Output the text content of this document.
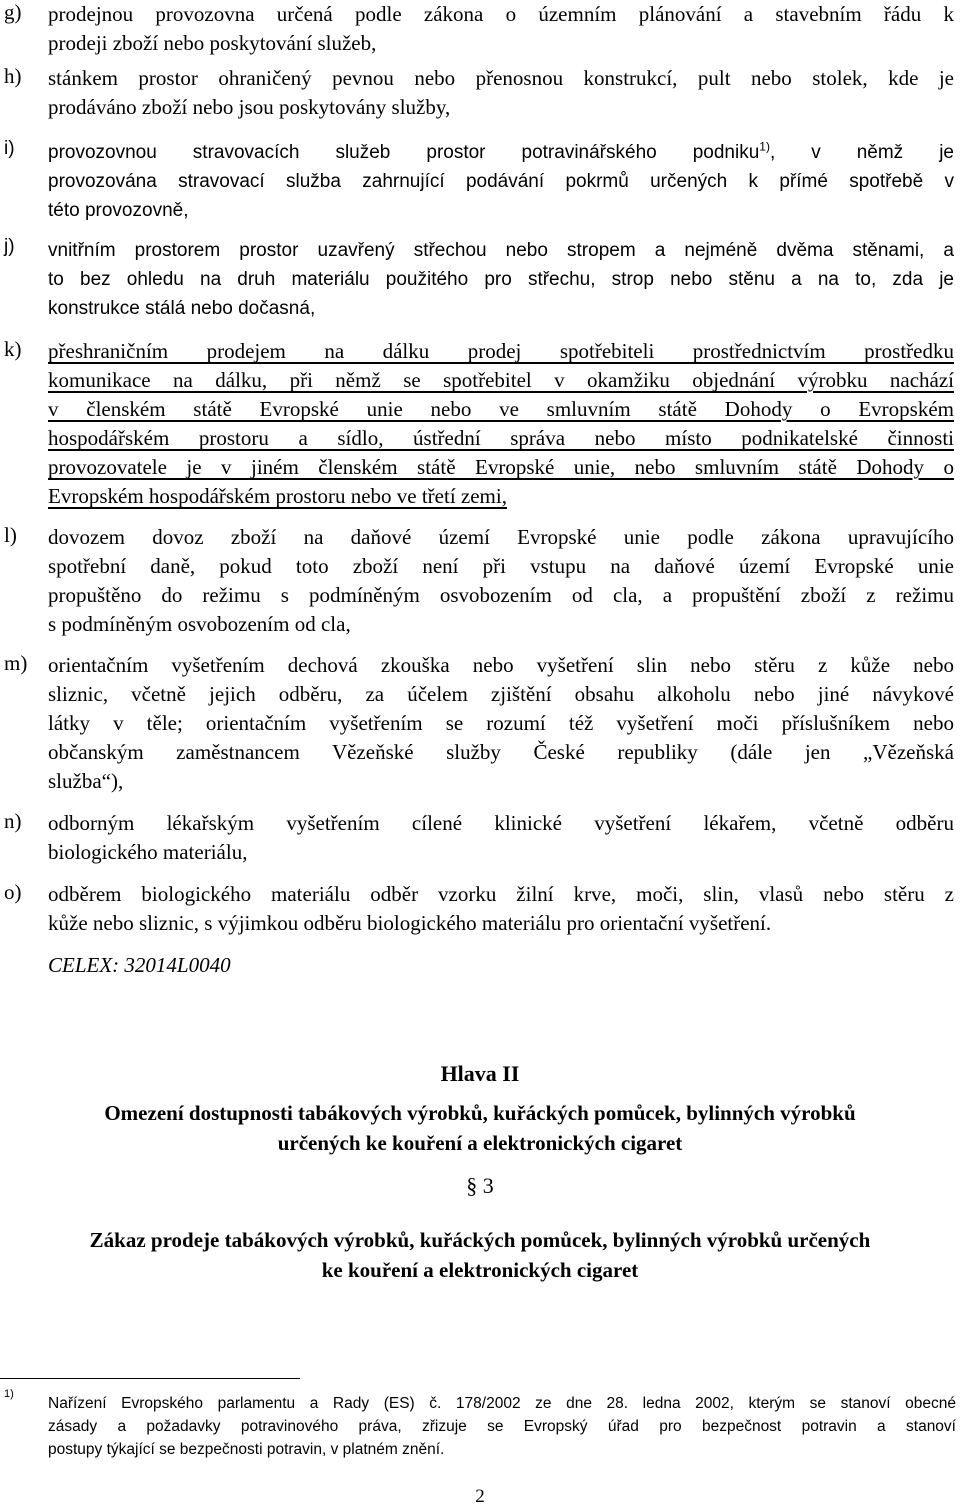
g)	prodejnou provozovna určená podle zákona o územním plánování a stavebním řádu k
prodeji zboží nebo poskytování služeb,
h)	stánkem prostor ohraničený pevnou nebo přenosnou konstrukcí, pult nebo stolek, kde je
prodáváno zboží nebo jsou poskytovány služby,
i)	provozovnou stravovacích služeb prostor potravinářského podniku$^{1)}$, v němž je
provozována stravovací služba zahrnující podávání pokrmů určených k přímé spotřebě v
této provozovně,
j)	vnitřním prostorem prostor uzavřený střechou nebo stropem a nejméně dvěma stěnami, a
to bez ohledu na druh materiálu použitého pro střechu, strop nebo stěnu a na to, zda je
konstrukce stálá nebo dočasná,
k)	přeshraničním prodejem na dálku prodej spotřebiteli prostřednictvím prostředku
komunikace na dálku, při němž se spotřebitel v okamžiku objednání výrobku nachází
v členském státě Evropské unie nebo ve smluvním státě Dohody o Evropském
hospodářském prostoru a sídlo, ústřední správa nebo místo podnikatelské činnosti
provozovatele je v jiném členském státě Evropské unie, nebo smluvním státě Dohody o
Evropském hospodářském prostoru nebo ve třetí zemi,
l)	dovozem dovoz zboží na daňové území Evropské unie podle zákona upravujícího
spotřební daně, pokud toto zboží není při vstupu na daňové území Evropské unie
propuštěno do režimu s podmíněným osvobozením od cla, a propuštění zboží z režimu
s podmíněným osvobozením od cla,
m) orientačním vyšetřením dechová zkouška nebo vyšetření slin nebo stěru z kůže nebo
sliznic, včetně jejich odběru, za účelem zjištění obsahu alkoholu nebo jiné návykové
látky v těle; orientačním vyšetřením se rozumí též vyšetření moči příslušníkem nebo
občanským zaměstnancem Vězeňské služby České republiky (dále jen „Vězeňská
služba“),
n)	odborným lékařským vyšetřením cílené klinické vyšetření lékařem, včetně odběru
biologického materiálu,
o)	odběrem biologického materiálu odběr vzorku žilní krve, moči, slin, vlasů nebo stěru z
kůže nebo sliznic, s výjimkou odběru biologického materiálu pro orientační vyšetření.
CELEX: 32014L0040
Hlava II
Omezení dostupnosti tabákových výrobků, kuřáckých pomůcek, bylinných výrobků
určených ke kouření a elektronických cigaret
§ 3
Zákaz prodeje tabákových výrobků, kuřáckých pomůcek, bylinných výrobků určených
ke kouření a elektronických cigaret
1)
Nařízení Evropského parlamentu a Rady (ES) č. 178/2002 ze dne 28. ledna 2002, kterým se stanoví obecné
zásady a požadavky potravinového práva, zřizuje se Evropský úřad pro bezpečnost potravin a stanoví
postupy týkající se bezpečnosti potravin, v platném znění.
2
